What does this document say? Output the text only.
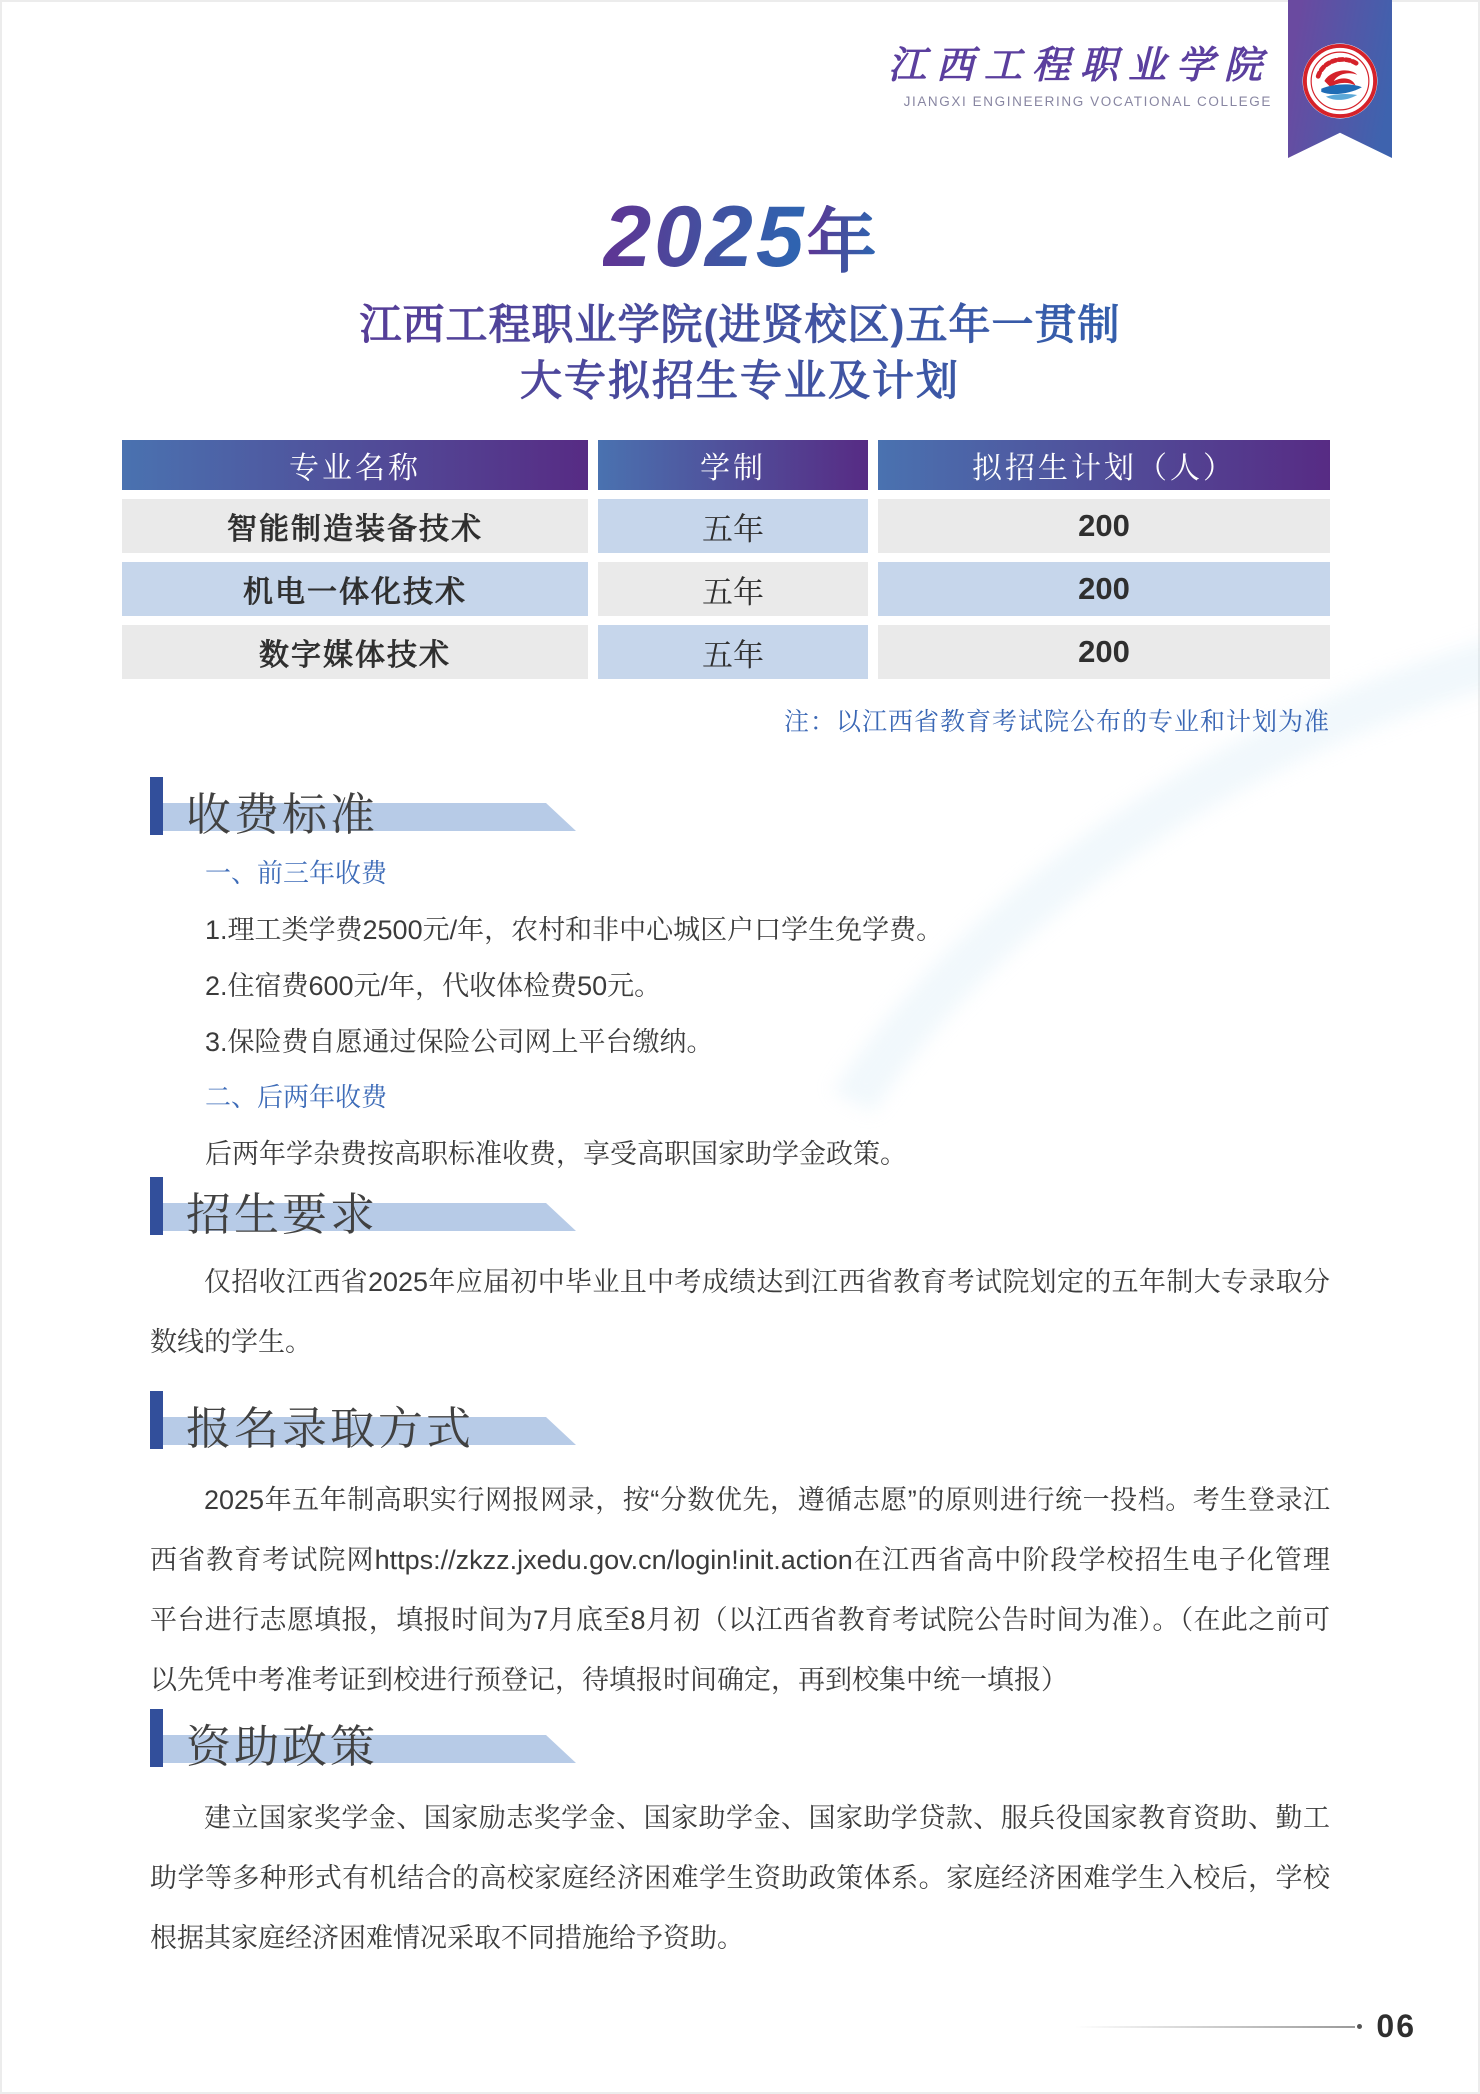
江西工程职业学院
JIANGXI ENGINEERING VOCATIONAL COLLEGE
2025年
江西工程职业学院(进贤校区)五年一贯制
大专拟招生专业及计划
专业名称	学制	拟招生计划（人）
智能制造装备技术	五年	200
机电一体化技术	五年	200
数字媒体技术	五年	200
注：以江西省教育考试院公布的专业和计划为准
收费标准
一、前三年收费
1.理工类学费2500元/年，农村和非中心城区户口学生免学费。
2.住宿费600元/年，代收体检费50元。
3.保险费自愿通过保险公司网上平台缴纳。
二、后两年收费
后两年学杂费按高职标准收费，享受高职国家助学金政策。
招生要求

仅招收江西省2025年应届初中毕业且中考成绩达到江西省教育考试院划定的五年制大专录取分数线的学生。

报名录取方式

2025年五年制高职实行网报网录，按“分数优先，遵循志愿”的原则进行统一投档。考生登录江西省教育考试院网https://zkzz.jxedu.gov.cn/login!init.action在江西省高中阶段学校招生电子化管理平台进行志愿填报，填报时间为7月底至8月初（以江西省教育考试院公告时间为准）。（在此之前可以先凭中考准考证到校进行预登记，待填报时间确定，再到校集中统一填报）

资助政策

建立国家奖学金、国家励志奖学金、国家助学金、国家助学贷款、服兵役国家教育资助、勤工助学等多种形式有机结合的高校家庭经济困难学生资助政策体系。家庭经济困难学生入校后，学校根据其家庭经济困难情况采取不同措施给予资助。

06
